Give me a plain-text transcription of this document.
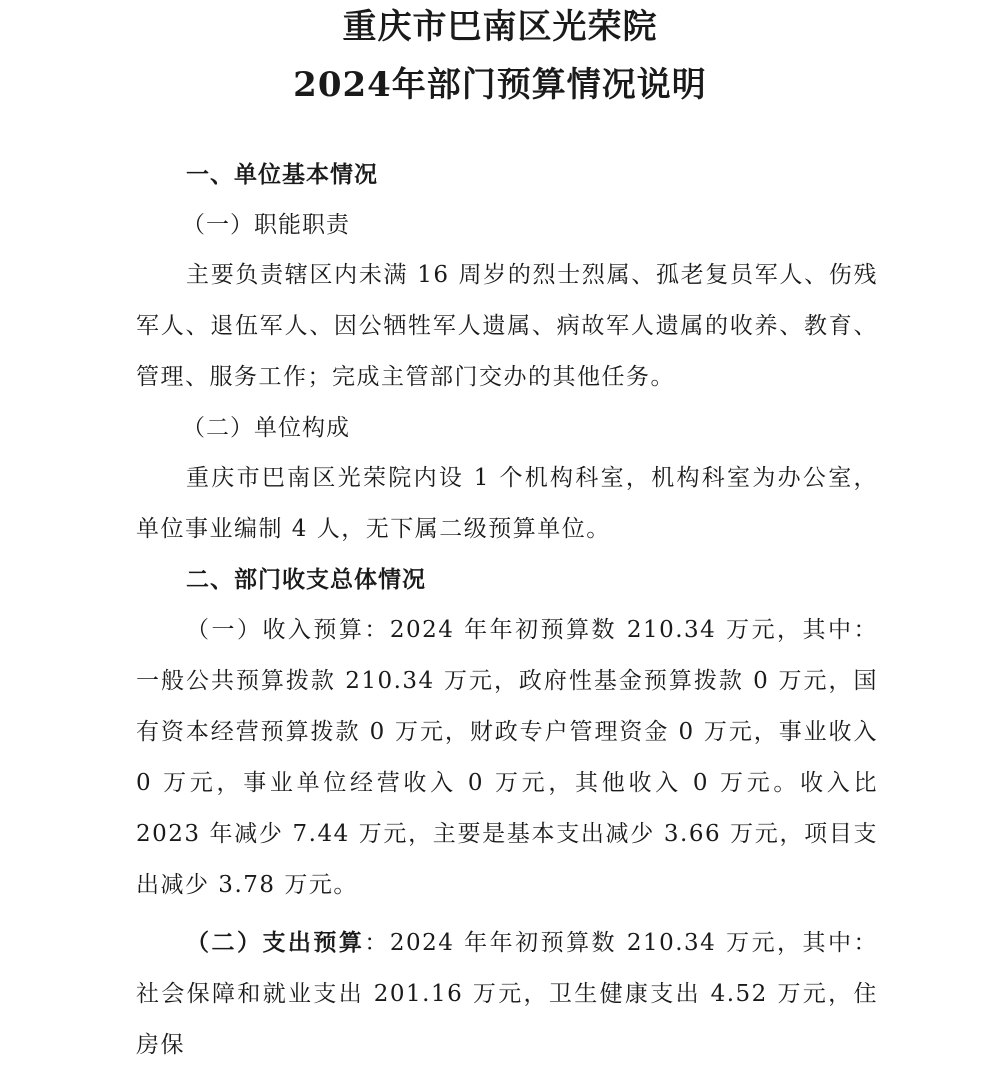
重庆市巴南区光荣院
2024年部门预算情况说明
一、单位基本情况
（一）职能职责

主要负责辖区内未满 16 周岁的烈士烈属、孤老复员军人、伤残军人、退伍军人、因公牺牲军人遗属、病故军人遗属的收养、教育、管理、服务工作；完成主管部门交办的其他任务。

（二）单位构成

重庆市巴南区光荣院内设 1 个机构科室，机构科室为办公室，单位事业编制 4 人，无下属二级预算单位。

二、部门收支总体情况

（一）收入预算：2024 年年初预算数 210.34 万元，其中：一般公共预算拨款 210.34 万元，政府性基金预算拨款 0 万元，国有资本经营预算拨款 0 万元，财政专户管理资金 0 万元，事业收入 0 万元，事业单位经营收入 0 万元，其他收入 0 万元。收入比 2023 年减少 7.44 万元，主要是基本支出减少 3.66 万元，项目支出减少 3.78 万元。

（二）支出预算：2024 年年初预算数 210.34 万元，其中：社会保障和就业支出 201.16 万元，卫生健康支出 4.52 万元，住房保
